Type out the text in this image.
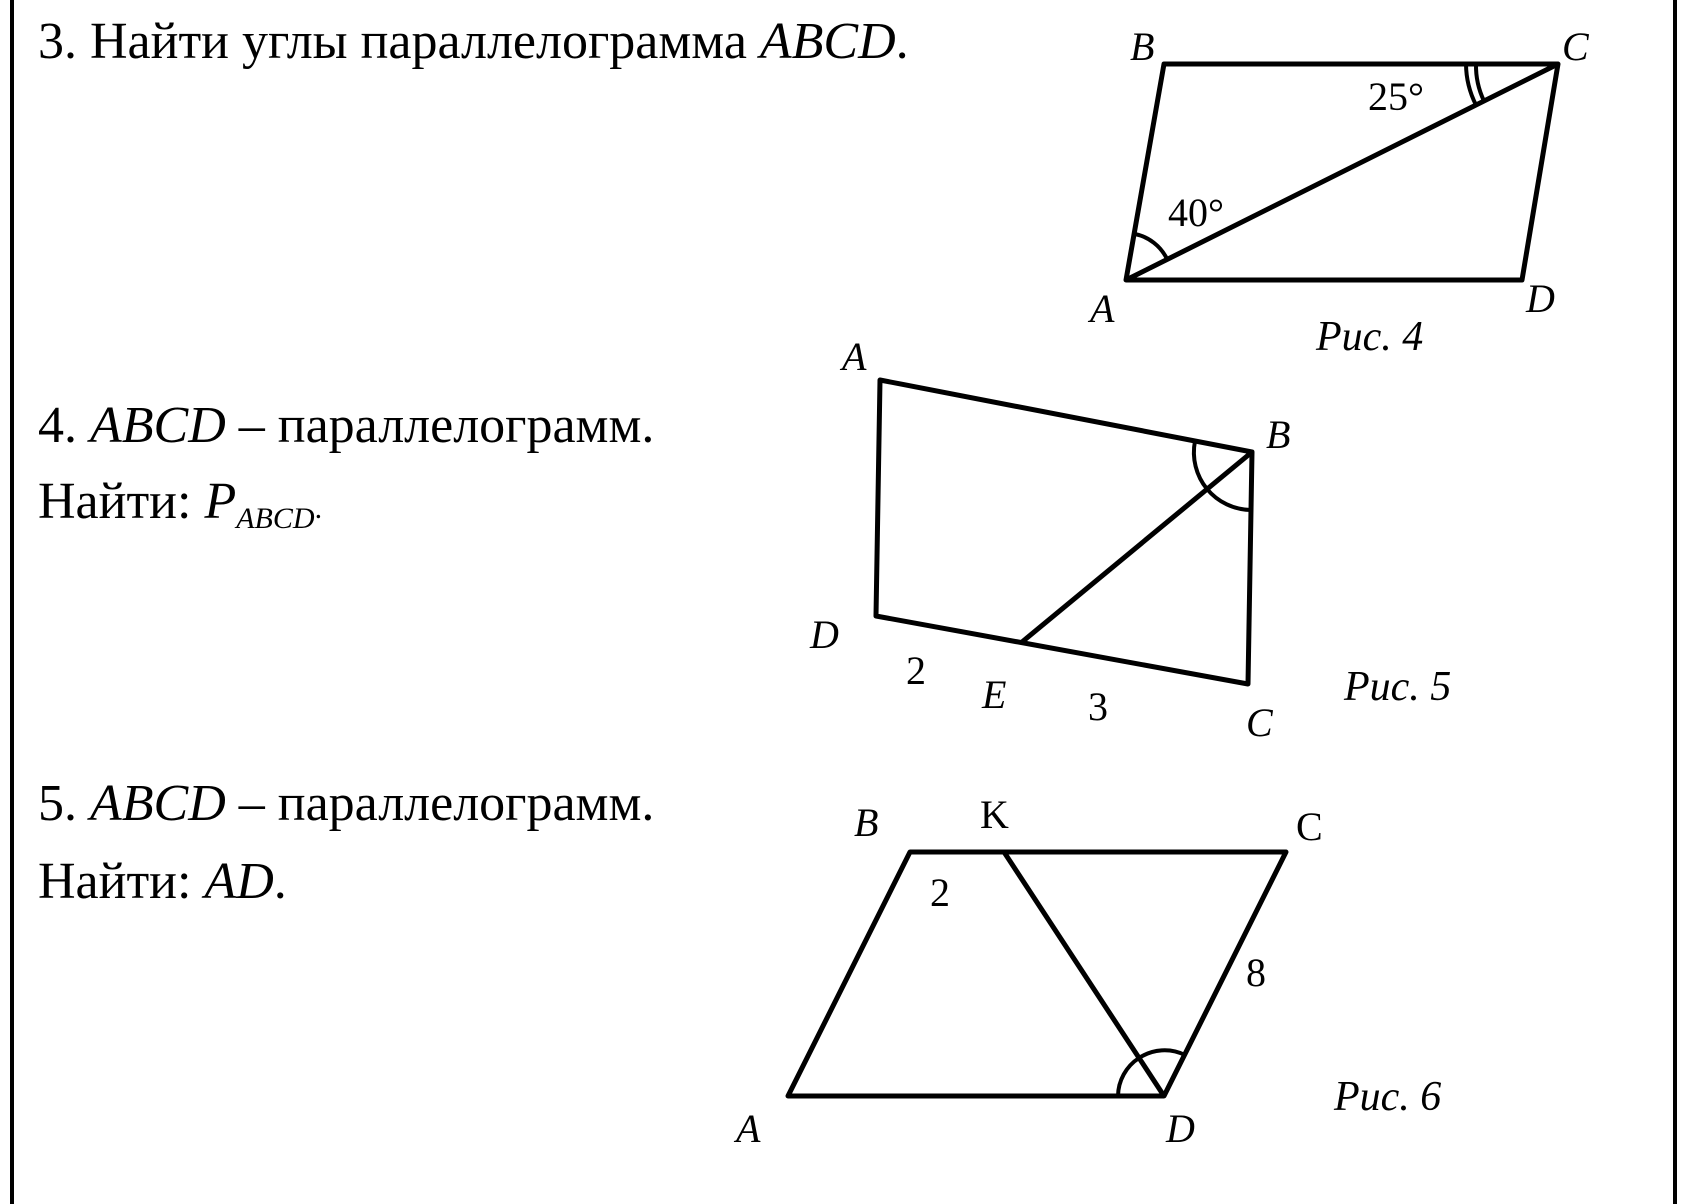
3. Найти углы параллелограмма ABCD.
4. ABCD – параллелограмм.
Найти: $P_{ABCD}$.
5. ABCD – параллелограмм.
Найти: AD.
B	C
A	D
40°
25°
Рис. 4
A
B
C
D
E
2
3	Рис. 5
B	K	C
A	D
2
8
Рис. 6
